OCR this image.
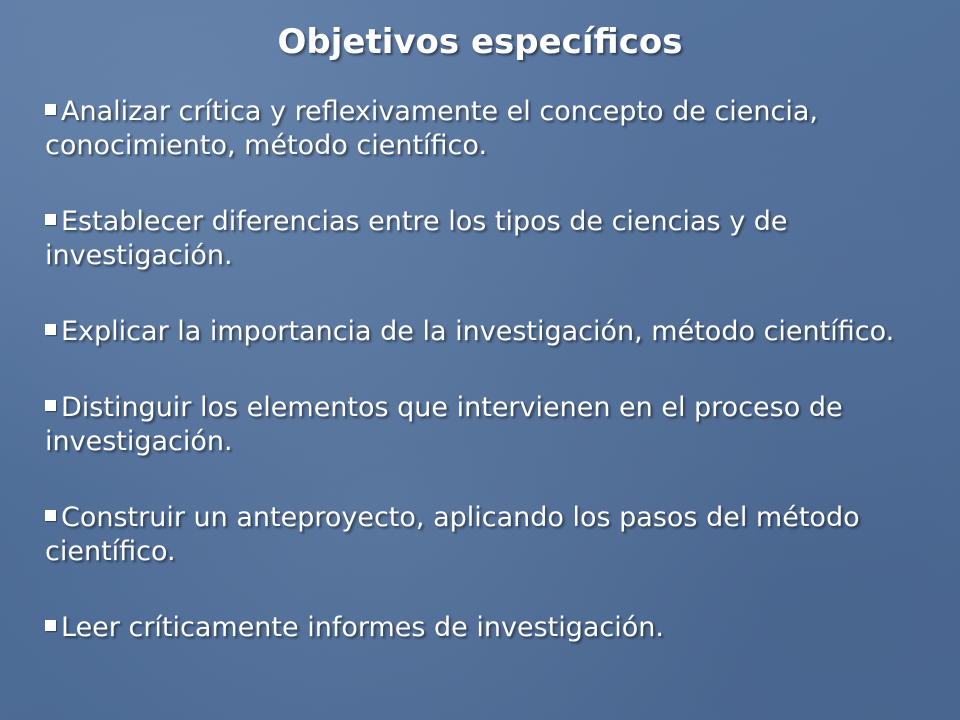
Objetivos específicos
Analizar crítica y reflexivamente el concepto de ciencia, conocimiento, método científico.
Establecer diferencias entre los tipos de ciencias y de investigación.
Explicar la importancia de la investigación, método científico.
Distinguir los elementos que intervienen en el proceso de investigación.
Construir un anteproyecto, aplicando los pasos del método científico.
Leer críticamente informes de investigación.
